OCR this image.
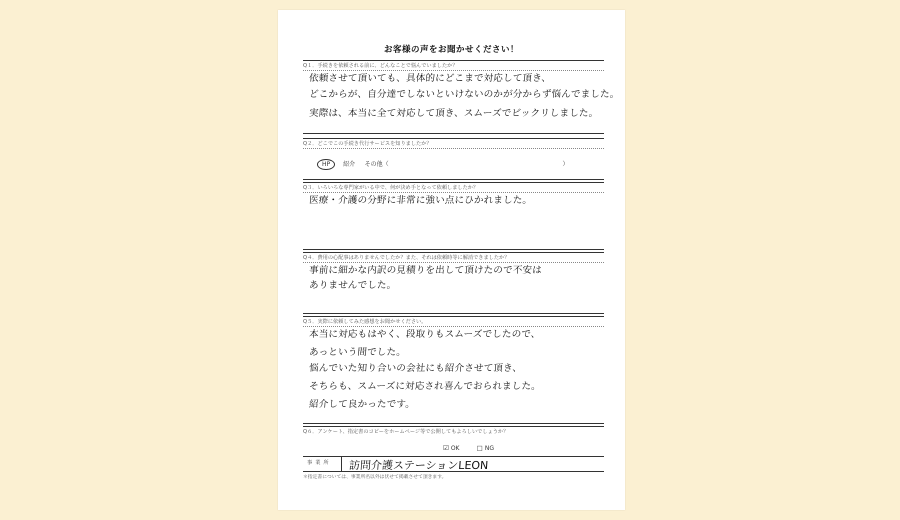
お客様の声をお聞かせください！
Q１．手続きを依頼される前に、どんなことで悩んでいましたか？
依頼させて頂いても、具体的にどこまで対応して頂き、
どこからが、自分達でしないといけないのかが分からず悩んでました。
実際は、本当に全て対応して頂き、スムーズでビックリしました。
Q２．どこでこの手続き代行サービスを知りましたか？
HP 紹介 その他（	）
Q３．いろいろな専門家がいる中で、何が決め手となって依頼しましたか？
医療・介護の分野に非常に強い点にひかれました。
Q４．費用の心配事はありませんでしたか？また、それは依頼時等に解消できましたか？
事前に細かな内訳の見積りを出して頂けたので不安は
ありませんでした。
Q５．実際に依頼してみた感想をお聞かせください。
本当に対応もはやく、段取りもスムーズでしたので、
あっという間でした。
悩んでいた知り合いの会社にも紹介させて頂き、
そちらも、スムーズに対応され喜んでおられました。
紹介して良かったです。
Q６．アンケート、指定書のコピーをホームページ等で公開してもよろしいでしょうか？
☑ OK	□ NG
事業所 訪問介護ステーションLEON
＊指定書については、事業所名以外は伏せて掲載させて頂きます。
